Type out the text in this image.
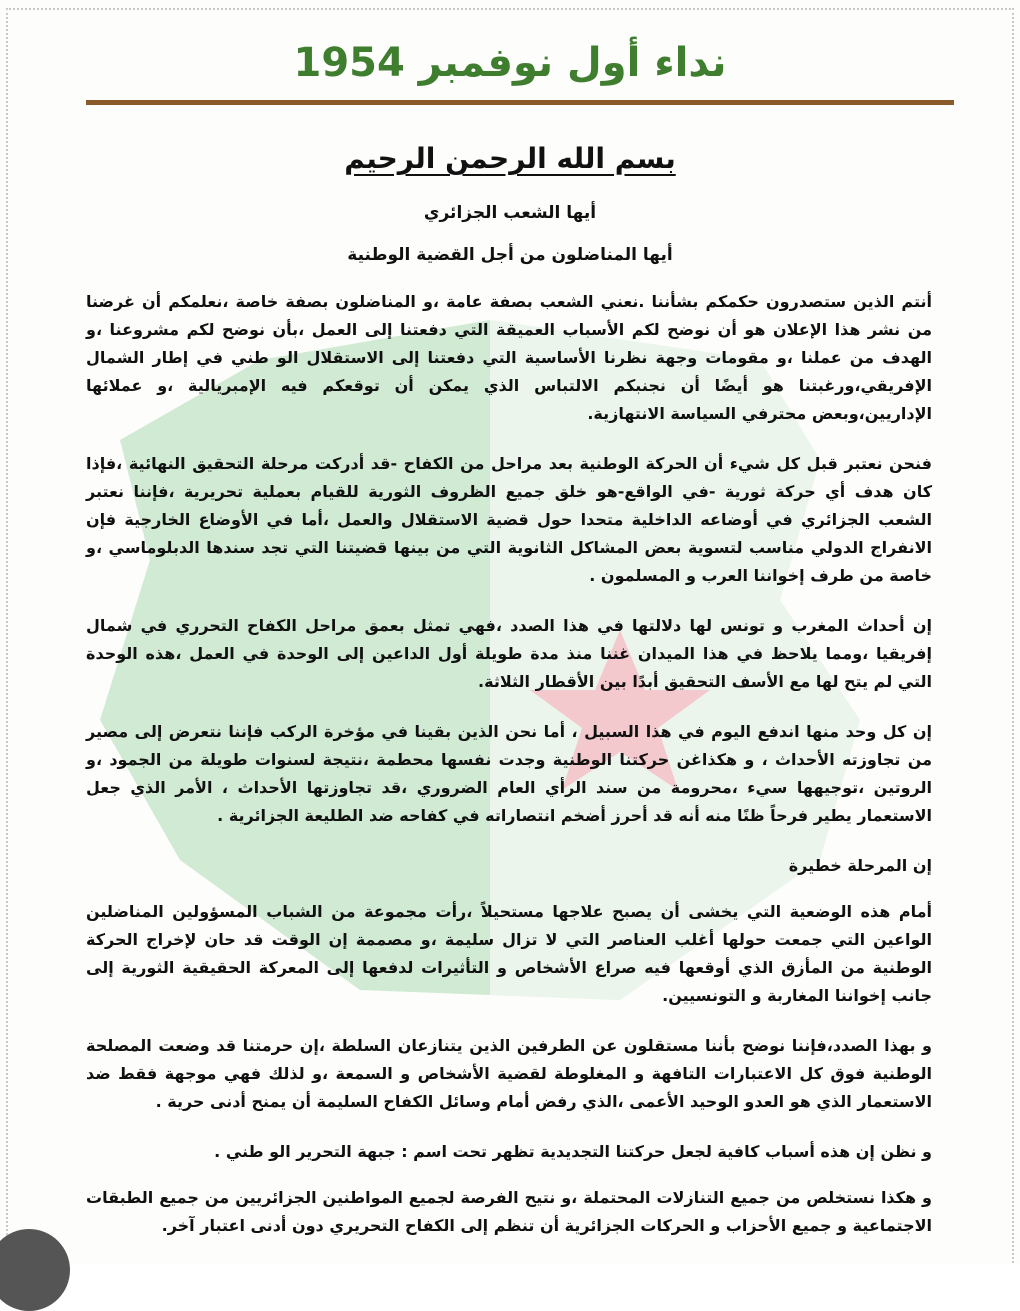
نداء أول نوفمبر 1954
بسم الله الرحمن الرحيم
أيها الشعب الجزائري
أيها المناضلون من أجل القضية الوطنية

أنتم الذين ستصدرون حكمكم بشأننا .نعني الشعب بصفة عامة ،و المناضلون بصفة خاصة ،نعلمكم أن غرضنا من نشر هذا الإعلان هو أن نوضح لكم الأسباب العميقة التي دفعتنا إلى العمل ،بأن نوضح لكم مشروعنا ،و الهدف من عملنا ،و مقومات وجهة نظرنا الأساسية التي دفعتنا إلى الاستقلال الو طني في إطار الشمال الإفريقي،ورغبتنا هو أيضًا أن نجنبكم الالتباس الذي يمكن أن توقعكم فيه الإمبريالية ،و عملائها الإداريين،وبعض محترفي السياسة الانتهازية.

فنحن نعتبر قبل كل شيء أن الحركة الوطنية بعد مراحل من الكفاح -قد أدركت مرحلة التحقيق النهائية ،فإذا كان هدف أي حركة ثورية -في الواقع-هو خلق جميع الظروف الثورية للقيام بعملية تحريرية ،فإننا نعتبر الشعب الجزائري في أوضاعه الداخلية متحدا حول قضية الاستقلال والعمل ،أما في الأوضاع الخارجية فإن الانفراج الدولي مناسب لتسوية بعض المشاكل الثانوية التي من بينها قضيتنا التي تجد سندها الدبلوماسي ،و خاصة من طرف إخواننا العرب و المسلمون .

إن أحداث المغرب و تونس لها دلالتها في هذا الصدد ،فهي تمثل بعمق مراحل الكفاح التحرري في شمال إفريقيا ،ومما يلاحظ في هذا الميدان غننا منذ مدة طويلة أول الداعين إلى الوحدة في العمل ،هذه الوحدة التي لم يتح لها مع الأسف التحقيق أبدًا بين الأقطار الثلاثة.

إن كل وحد منها اندفع اليوم في هذا السبيل ، أما نحن الذين بقينا في مؤخرة الركب فإننا نتعرض إلى مصير من تجاوزته الأحداث ، و هكذاغن حركتنا الوطنية وجدت نفسها محطمة ،نتيجة لسنوات طويلة من الجمود ،و الروتين ،توجيهها سيء ،محرومة من سند الرأي العام الضروري ،قد تجاوزتها الأحداث ، الأمر الذي جعل الاستعمار يطير فرحاً ظنًا منه أنه قد أحرز أضخم انتصاراته في كفاحه ضد الطليعة الجزائرية .

إن المرحلة خطيرة

أمام هذه الوضعية التي يخشى أن يصبح علاجها مستحيلاً ،رأت مجموعة من الشباب المسؤولين المناضلين الواعين التي جمعت حولها أغلب العناصر التي لا تزال سليمة ،و مصممة إن الوقت قد حان لإخراج الحركة الوطنية من المأزق الذي أوقعها فيه صراع الأشخاص و التأثيرات لدفعها إلى المعركة الحقيقية الثورية إلى جانب إخواننا المغاربة و التونسيين.

و بهذا الصدد،فإننا نوضح بأننا مستقلون عن الطرفين الذين يتنازعان السلطة ،إن حرمتنا قد وضعت المصلحة الوطنية فوق كل الاعتبارات التافهة و المغلوطة لقضية الأشخاص و السمعة ،و لذلك فهي موجهة فقط ضد الاستعمار الذي هو العدو الوحيد الأعمى ،الذي رفض أمام وسائل الكفاح السليمة أن يمنح أدنى حرية .

و نظن إن هذه أسباب كافية لجعل حركتنا التجديدية تظهر تحت اسم : جبهة التحرير الو طني .

و هكذا نستخلص من جميع التنازلات المحتملة ،و نتيح الفرصة لجميع المواطنين الجزائريين من جميع الطبقات الاجتماعية و جميع الأحزاب و الحركات الجزائرية أن تنظم إلى الكفاح التحريري دون أدنى اعتبار آخر.
